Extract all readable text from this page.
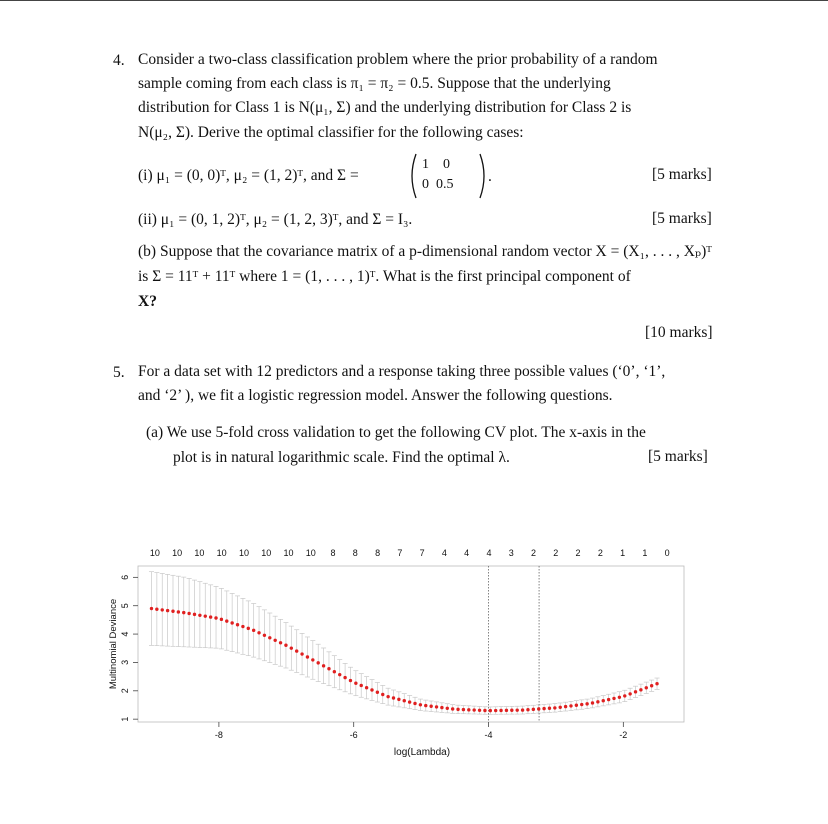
4. Consider a two-class classification problem where the prior probability of a random
sample coming from each class is π₁ = π₂ = 0.5. Suppose that the underlying
distribution for Class 1 is N(μ₁, Σ) and the underlying distribution for Class 2 is
N(μ₂, Σ). Derive the optimal classifier for the following cases:
(i) μ₁ = (0, 0)ᵀ, μ₂ = (1, 2)ᵀ, and Σ =
1    0
0  0.5 .	[5 marks]
(ii) μ₁ = (0, 1, 2)ᵀ, μ₂ = (1, 2, 3)ᵀ, and Σ = I₃.	[5 marks]
(b) Suppose that the covariance matrix of a p-dimensional random vector X = (X₁, . . . , Xₚ)ᵀ
is Σ = 11ᵀ + 11ᵀ where 1 = (1, . . . , 1)ᵀ. What is the first principal component of
X?
[10 marks]
5. For a data set with 12 predictors and a response taking three possible values (‘0’, ‘1’,
and ‘2’ ), we fit a logistic regression model. Answer the following questions.
(a) We use 5-fold cross validation to get the following CV plot. The x-axis in the
plot is in natural logarithmic scale. Find the optimal λ.	[5 marks]
10 10 10 10 10 10 10 10 8 8 8 7 7 4 4 4 3 2 2 2 2 1 1 0
-8	-6	-4	-2
1
2
3
4
5
6
log(Lambda)
Multinomial Deviance
